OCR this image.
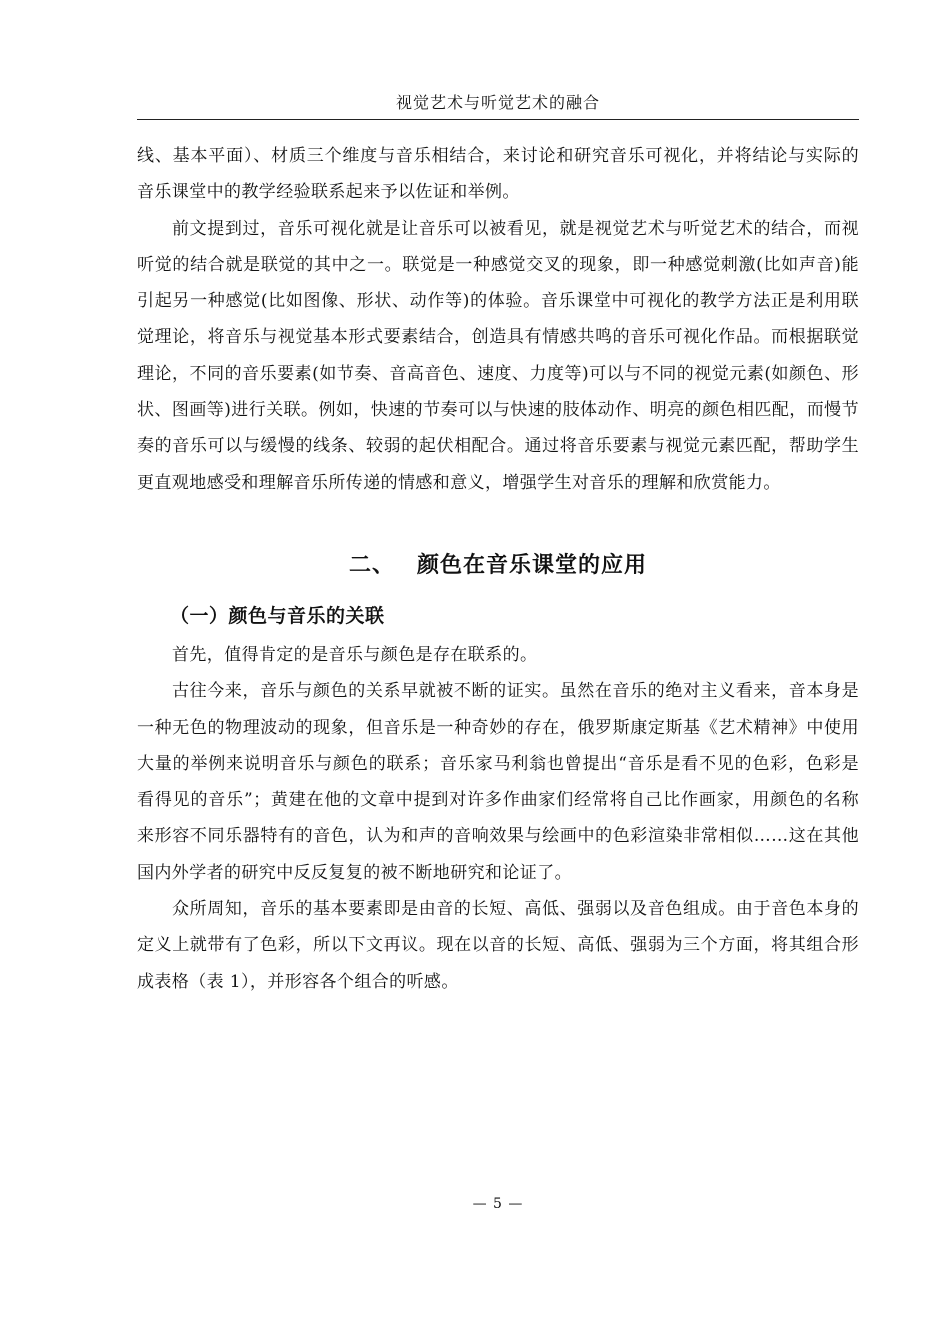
视觉艺术与听觉艺术的融合

线、基本平面）、材质三个维度与音乐相结合，来讨论和研究音乐可视化，并将结论与实际的音乐课堂中的教学经验联系起来予以佐证和举例。

前文提到过，音乐可视化就是让音乐可以被看见，就是视觉艺术与听觉艺术的结合，而视听觉的结合就是联觉的其中之一。联觉是一种感觉交叉的现象，即一种感觉刺激(比如声音)能引起另一种感觉(比如图像、形状、动作等)的体验。音乐课堂中可视化的教学方法正是利用联觉理论，将音乐与视觉基本形式要素结合，创造具有情感共鸣的音乐可视化作品。而根据联觉理论，不同的音乐要素(如节奏、音高音色、速度、力度等)可以与不同的视觉元素(如颜色、形状、图画等)进行关联。例如，快速的节奏可以与快速的肢体动作、明亮的颜色相匹配，而慢节奏的音乐可以与缓慢的线条、较弱的起伏相配合。通过将音乐要素与视觉元素匹配，帮助学生更直观地感受和理解音乐所传递的情感和意义，增强学生对音乐的理解和欣赏能力。

二、 颜色在音乐课堂的应用
（一）颜色与音乐的关联

首先，值得肯定的是音乐与颜色是存在联系的。

古往今来，音乐与颜色的关系早就被不断的证实。虽然在音乐的绝对主义看来，音本身是一种无色的物理波动的现象，但音乐是一种奇妙的存在，俄罗斯康定斯基《艺术精神》中使用大量的举例来说明音乐与颜色的联系；音乐家马利翁也曾提出“音乐是看不见的色彩，色彩是看得见的音乐”；黄建在他的文章中提到对许多作曲家们经常将自己比作画家，用颜色的名称来形容不同乐器特有的音色，认为和声的音响效果与绘画中的色彩渲染非常相似……这在其他国内外学者的研究中反反复复的被不断地研究和论证了。

众所周知，音乐的基本要素即是由音的长短、高低、强弱以及音色组成。由于音色本身的定义上就带有了色彩，所以下文再议。现在以音的长短、高低、强弱为三个方面，将其组合形成表格（表 1），并形容各个组合的听感。

— 5 —
